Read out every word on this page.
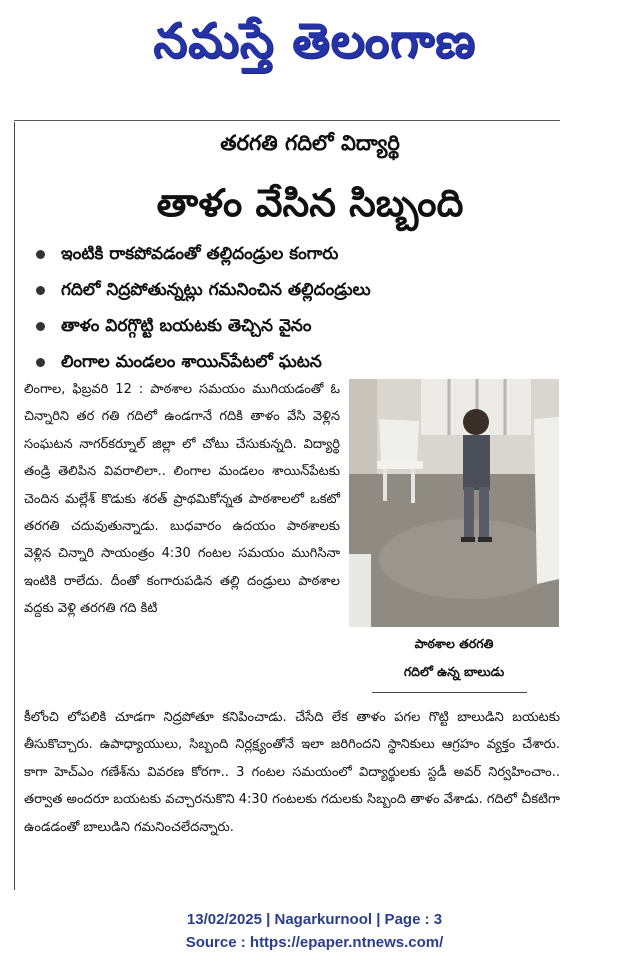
నమస్తే తెలంగాణ
తరగతి గదిలో విద్యార్థి
తాళం వేసిన సిబ్బంది
ఇంటికి రాకపోవడంతో తల్లిదండ్రుల కంగారు
గదిలో నిద్రపోతున్నట్లు గమనించిన తల్లిదండ్రులు
తాళం విరగ్గొట్టి బయటకు తెచ్చిన వైనం
లింగాల మండలం శాయిన్‌పేటలో ఘటన
లింగాల, ఫిబ్రవరి 12 : పాఠశాల సమయం ముగియడంతో ఓ చిన్నారిని తర గతి గదిలో ఉండగానే గదికి తాళం వేసి వెళ్లిన సంఘటన నాగర్‌కర్నూల్ జిల్లా లో చోటు చేసుకున్నది. విద్యార్థి తండ్రి తెలిపిన వివరాలిలా.. లింగాల మండలం శాయిన్‌పేటకు చెందిన మల్లేశ్ కొడుకు శరత్ ప్రాథమికోన్నత పాఠశాలలో ఒకటో తరగతి చదువుతున్నాడు. బుధవారం ఉదయం పాఠశాలకు వెళ్లిన చిన్నారి సాయంత్రం 4:30 గంటల సమయం ముగిసినా ఇంటికి రాలేదు. దీంతో కంగారుపడిన తల్లి దండ్రులు పాఠశాల వద్దకు వెళ్లి తరగతి గది కిటి
పాఠశాల తరగతి
గదిలో ఉన్న బాలుడు
కీలోంచి లోపలికి చూడగా నిద్రపోతూ కనిపించాడు. చేసేది లేక తాళం పగల గొట్టి బాలుడిని బయటకు తీసుకొచ్చారు. ఉపాధ్యాయులు, సిబ్బంది నిర్లక్ష్యంతోనే ఇలా జరిగిందని స్థానికులు ఆగ్రహం వ్యక్తం చేశారు. కాగా హెచ్‌ఎం గణేశ్‌ను వివరణ కోరగా.. 3 గంటల సమయంలో విద్యార్థులకు స్టడీ అవర్ నిర్వహించాం.. తర్వాత అందరూ బయటకు వచ్చారనుకొని 4:30 గంటలకు గదులకు సిబ్బంది తాళం వేశాడు. గదిలో చీకటిగా ఉండడంతో బాలుడిని గమనించలేదన్నారు.
13/02/2025 | Nagarkurnool | Page : 3
Source : https://epaper.ntnews.com/
